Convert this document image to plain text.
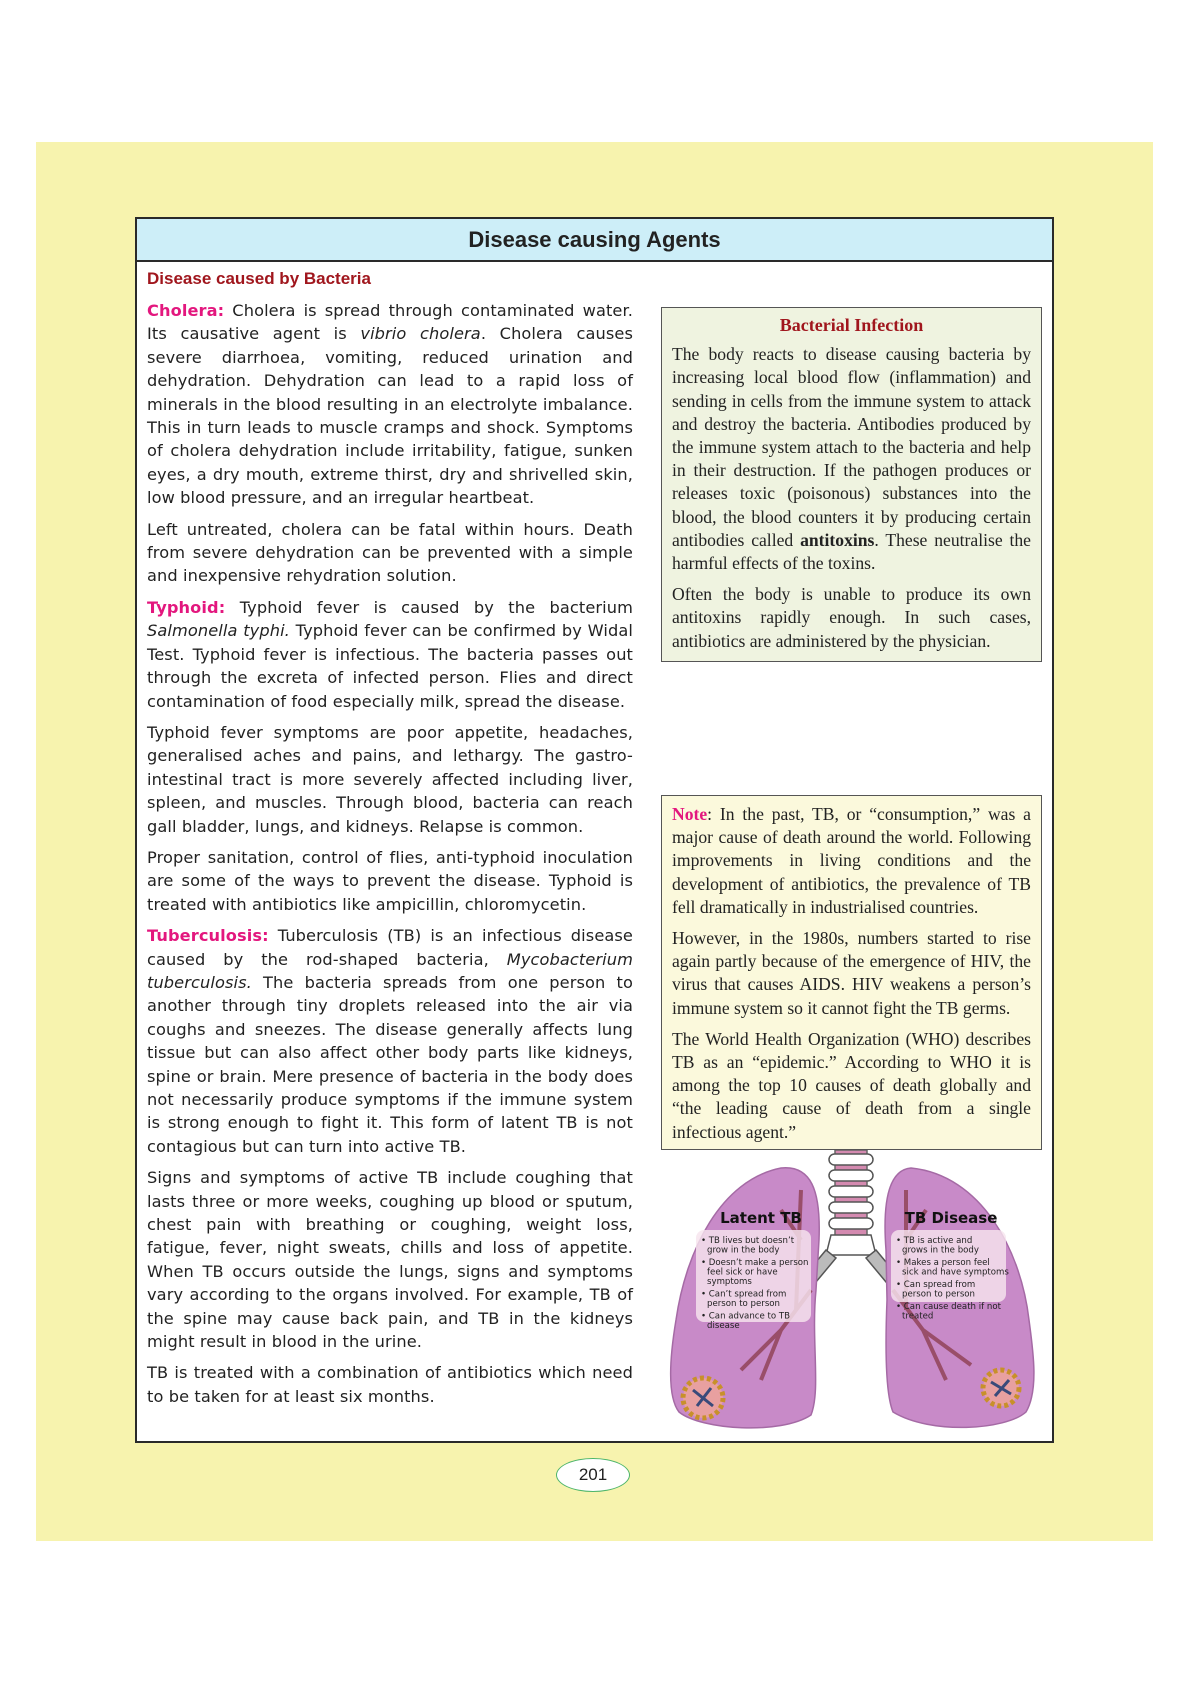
Disease causing Agents
Disease caused by Bacteria

Cholera: Cholera is spread through contaminated water. Its causative agent is vibrio cholera. Cholera causes severe diarrhoea, vomiting, reduced urination and dehydration. Dehydration can lead to a rapid loss of minerals in the blood resulting in an electrolyte imbalance. This in turn leads to muscle cramps and shock. Symptoms of cholera dehydration include irritability, fatigue, sunken eyes, a dry mouth, extreme thirst, dry and shrivelled skin, low blood pressure, and an irregular heartbeat.

Left untreated, cholera can be fatal within hours. Death from severe dehydration can be prevented with a simple and inexpensive rehydration solution.

Typhoid: Typhoid fever is caused by the bacterium Salmonella typhi. Typhoid fever can be confirmed by Widal Test. Typhoid fever is infectious. The bacteria passes out through the excreta of infected person. Flies and direct contamination of food especially milk, spread the disease.

Typhoid fever symptoms are poor appetite, headaches, generalised aches and pains, and lethargy. The gastro-intestinal tract is more severely affected including liver, spleen, and muscles. Through blood, bacteria can reach gall bladder, lungs, and kidneys. Relapse is common.

Proper sanitation, control of flies, anti-typhoid inoculation are some of the ways to prevent the disease. Typhoid is treated with antibiotics like ampicillin, chloromycetin.

Tuberculosis: Tuberculosis (TB) is an infectious disease caused by the rod-shaped bacteria, Mycobacterium tuberculosis. The bacteria spreads from one person to another through tiny droplets released into the air via coughs and sneezes. The disease generally affects lung tissue but can also affect other body parts like kidneys, spine or brain. Mere presence of bacteria in the body does not necessarily produce symptoms if the immune system is strong enough to fight it. This form of latent TB is not contagious but can turn into active TB.

Signs and symptoms of active TB include coughing that lasts three or more weeks, coughing up blood or sputum, chest pain with breathing or coughing, weight loss, fatigue, fever, night sweats, chills and loss of appetite. When TB occurs outside the lungs, signs and symptoms vary according to the organs involved. For example, TB of the spine may cause back pain, and TB in the kidneys might result in blood in the urine.

TB is treated with a combination of antibiotics which need to be taken for at least six months.

Bacterial Infection

The body reacts to disease causing bacteria by increasing local blood flow (inflammation) and sending in cells from the immune system to attack and destroy the bacteria. Antibodies produced by the immune system attach to the bacteria and help in their destruction. If the pathogen produces or releases toxic (poisonous) substances into the blood, the blood counters it by producing certain antibodies called antitoxins. These neutralise the harmful effects of the toxins.

Often the body is unable to produce its own antitoxins rapidly enough. In such cases, antibiotics are administered by the physician.

Note: In the past, TB, or “consumption,” was a major cause of death around the world. Following improvements in living conditions and the development of antibiotics, the prevalence of TB fell dramatically in industrialised countries.

However, in the 1980s, numbers started to rise again partly because of the emergence of HIV, the virus that causes AIDS. HIV weakens a person’s immune system so it cannot fight the TB germs.

The World Health Organization (WHO) describes TB as an “epidemic.” According to WHO it is among the top 10 causes of death globally and “the leading cause of death from a single infectious agent.”

Latent TB	TB Disease
• TB lives but doesn’t
grow in the body
• Doesn’t make a person
feel sick or have
symptoms
• Can’t spread from
person to person
• Can advance to TB
disease
• TB is active and
grows in the body
• Makes a person feel
sick and have symptoms
• Can spread from
person to person
• Can cause death if not
treated
201
